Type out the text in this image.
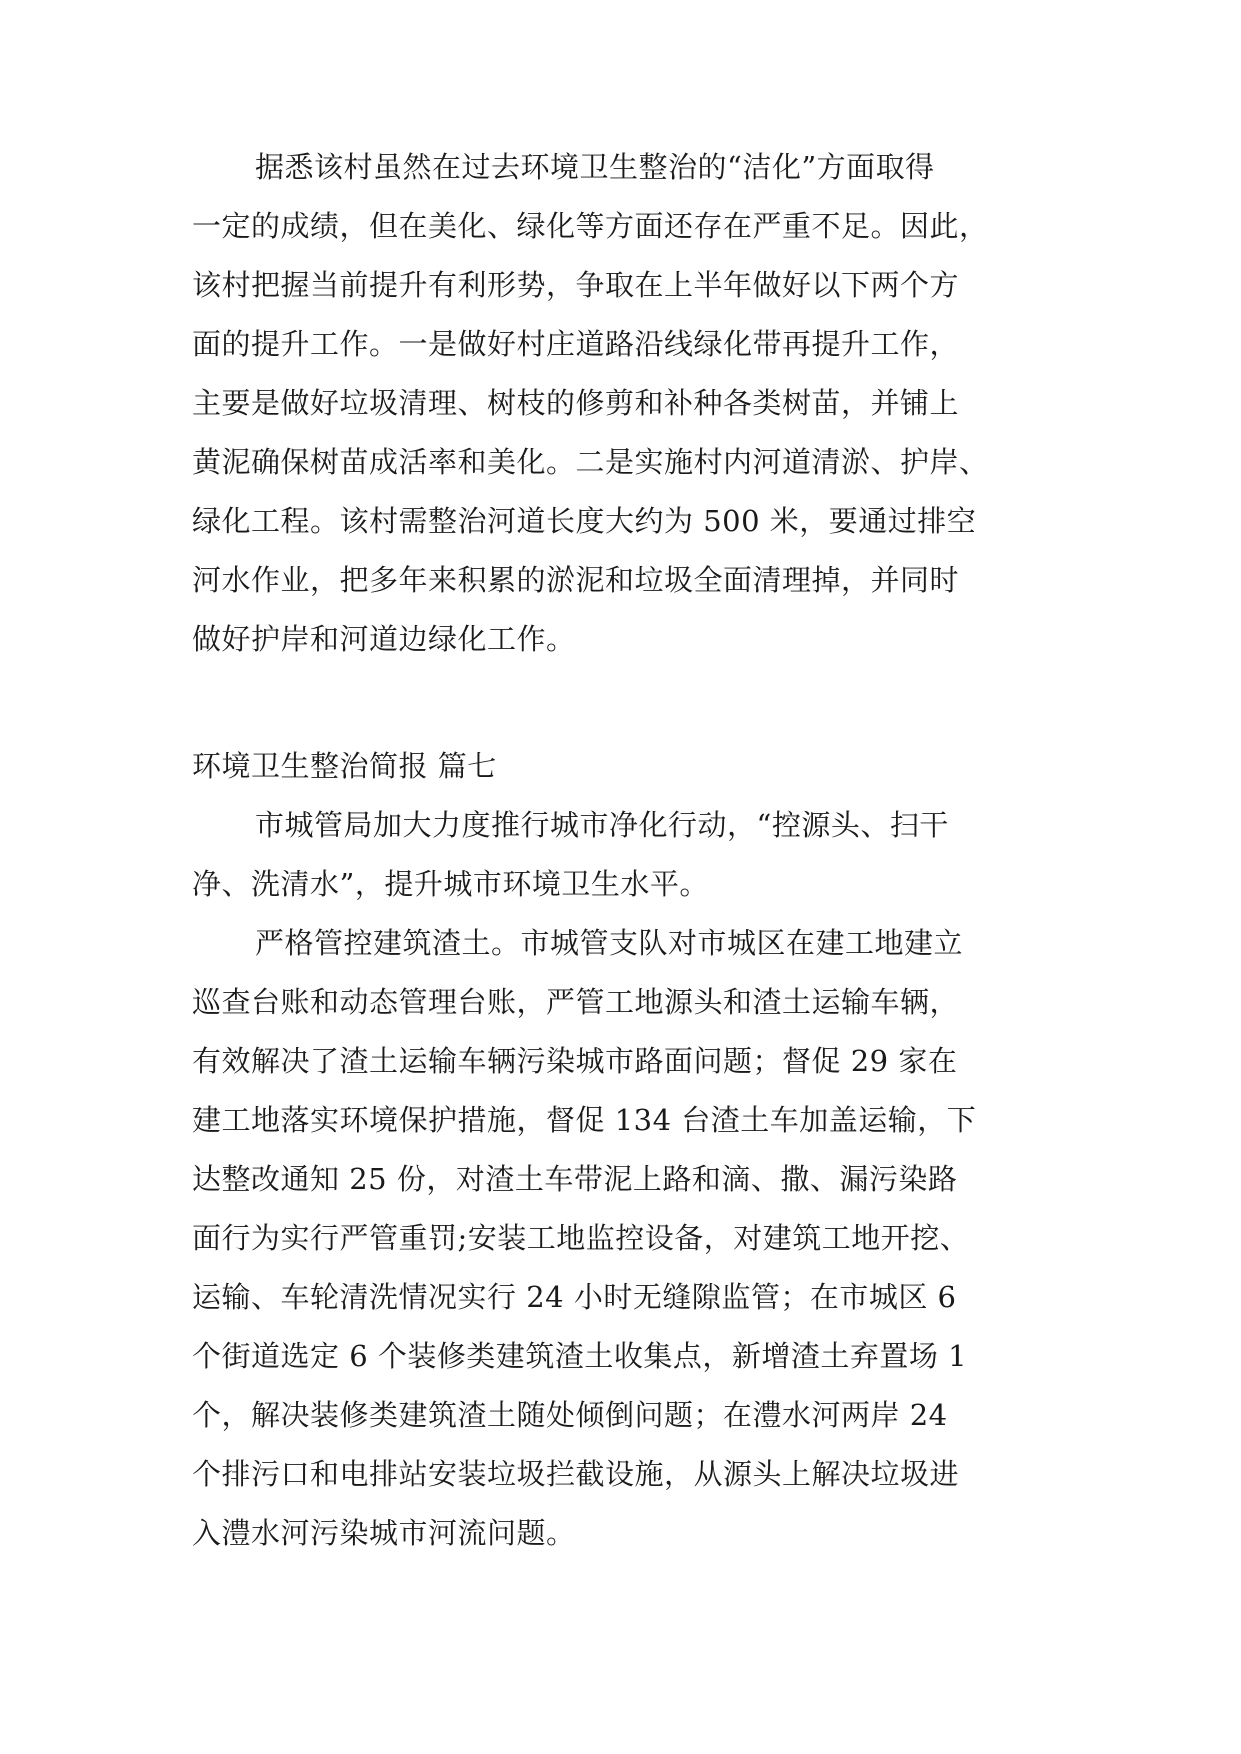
据悉该村虽然在过去环境卫生整治的“洁化”方面取得
一定的成绩，但在美化、绿化等方面还存在严重不足。因此，
该村把握当前提升有利形势，争取在上半年做好以下两个方
面的提升工作。一是做好村庄道路沿线绿化带再提升工作，
主要是做好垃圾清理、树枝的修剪和补种各类树苗，并铺上
黄泥确保树苗成活率和美化。二是实施村内河道清淤、护岸、
绿化工程。该村需整治河道长度大约为 500 米，要通过排空
河水作业，把多年来积累的淤泥和垃圾全面清理掉，并同时
做好护岸和河道边绿化工作。
环境卫生整治简报 篇七
市城管局加大力度推行城市净化行动，“控源头、扫干
净、洗清水”，提升城市环境卫生水平。
严格管控建筑渣土。市城管支队对市城区在建工地建立
巡查台账和动态管理台账，严管工地源头和渣土运输车辆，
有效解决了渣土运输车辆污染城市路面问题；督促 29 家在
建工地落实环境保护措施，督促 134 台渣土车加盖运输，下
达整改通知 25 份，对渣土车带泥上路和滴、撒、漏污染路
面行为实行严管重罚;安装工地监控设备，对建筑工地开挖、
运输、车轮清洗情况实行 24 小时无缝隙监管；在市城区 6
个街道选定 6 个装修类建筑渣土收集点，新增渣土弃置场 1
个，解决装修类建筑渣土随处倾倒问题；在澧水河两岸 24
个排污口和电排站安装垃圾拦截设施，从源头上解决垃圾进
入澧水河污染城市河流问题。
